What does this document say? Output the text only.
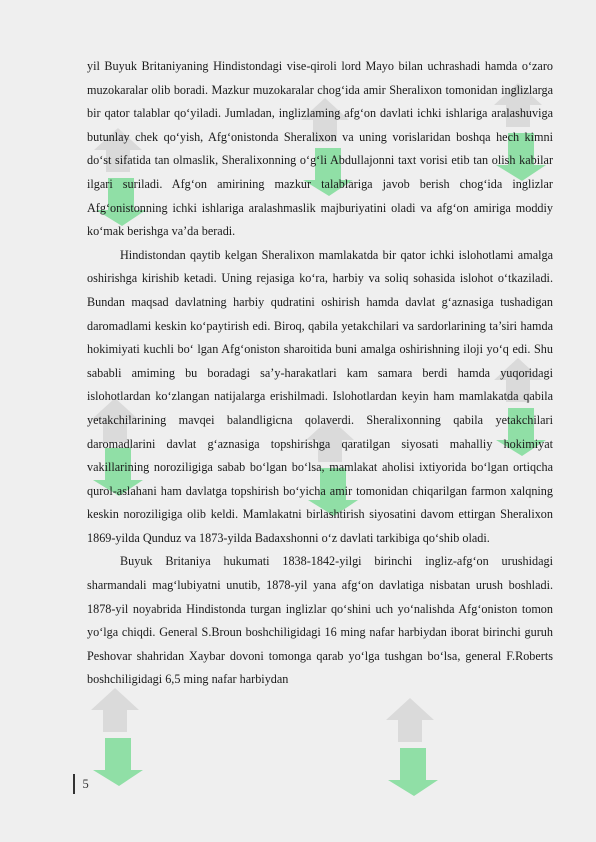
yil Buyuk Britaniyaning Hindistondagi vise-qiroli lord Mayo bilan uchrashadi hamda o‘zaro muzokaralar olib boradi. Mazkur muzokaralar chog‘ida amir Sheralixon tomonidan inglizlarga bir qator talablar qo‘yiladi. Jumladan, inglizlaming afg‘on davlati ichki ishlariga aralashuviga butunlay chek qo‘yish, Afg‘onistonda Sheralixon va uning vorislaridan boshqa hech kimni do‘st sifatida tan olmaslik, Sheralixonning o‘g‘li Abdullajonni taxt vorisi etib tan olish kabilar ilgari suriladi. Afg‘on amirining mazkur talablariga javob berish chog‘ida inglizlar Afg‘onistonning ichki ishlariga aralashmaslik majburiyatini oladi va afg‘on amiriga moddiy ko‘mak berishga va’da beradi.

Hindistondan qaytib kelgan Sheralixon mamlakatda bir qator ichki islohotlami amalga oshirishga kirishib ketadi. Uning rejasiga ko‘ra, harbiy va soliq sohasida islohot o‘tkaziladi. Bundan maqsad davlatning harbiy qudratini oshirish hamda davlat g‘aznasiga tushadigan daromadlami keskin ko‘paytirish edi. Biroq, qabila yetakchilari va sardorlarining ta’siri hamda hokimiyati kuchli bo‘ lgan Afg‘oniston sharoitida buni amalga oshirishning iloji yo‘q edi. Shu sababli amiming bu boradagi sa’y-harakatlari kam samara berdi hamda yuqoridagi islohotlardan ko‘zlangan natijalarga erishilmadi. Islohotlardan keyin ham mamlakatda qabila yetakchilarining mavqei balandligicna qolaverdi. Sheralixonning qabila yetakchilari daromadlarini davlat g‘aznasiga topshirishga qaratilgan siyosati mahalliy hokimiyat vakillarining noroziligiga sabab bo‘lgan bo‘lsa, mamlakat aholisi ixtiyorida bo‘lgan ortiqcha qurol-aslahani ham davlatga topshirish bo‘yicha amir tomonidan chiqarilgan farmon xalqning keskin noroziligiga olib keldi. Mamlakatni birlashtirish siyosatini davom ettirgan Sheralixon 1869-yilda Qunduz va 1873-yilda Badaxshonni o‘z davlati tarkibiga qo‘shib oladi.

Buyuk Britaniya hukumati 1838-1842-yilgi birinchi ingliz-afg‘on urushidagi sharmandali mag‘lubiyatni unutib, 1878-yil yana afg‘on davlatiga nisbatan urush boshladi. 1878-yil noyabrida Hindistonda turgan inglizlar qo‘shini uch yo‘nalishda Afg‘oniston tomon yo‘lga chiqdi. General S.Broun boshchiligidagi 16 ming nafar harbiydan iborat birinchi guruh Peshovar shahridan Xaybar dovoni tomonga qarab yo‘lga tushgan bo‘lsa, general F.Roberts boshchiligidagi 6,5 ming nafar harbiydan

5
